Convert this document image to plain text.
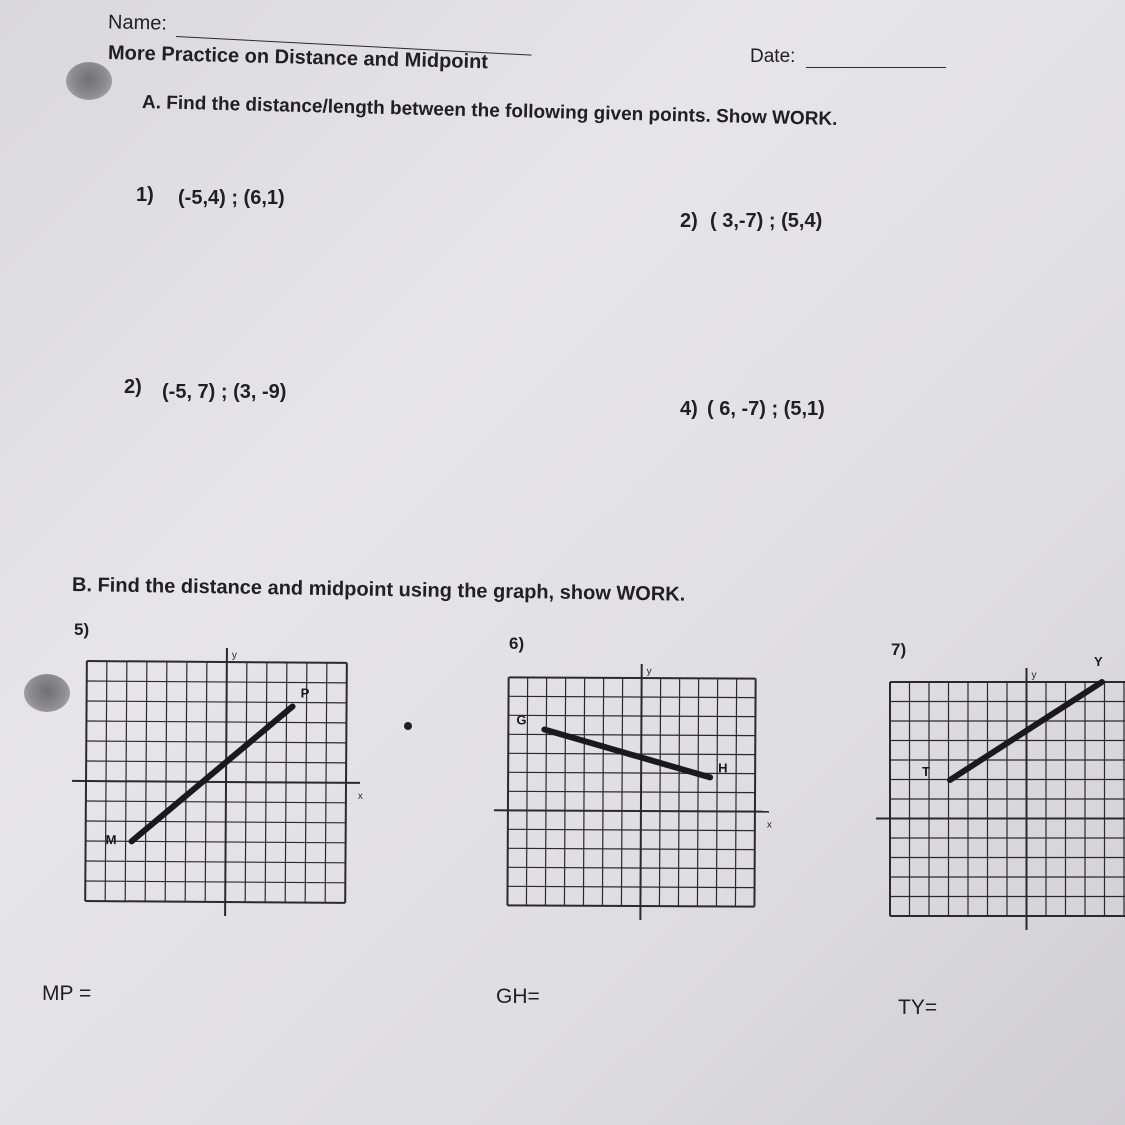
Name:
More Practice on Distance and Midpoint	Date:
A. Find the distance/length between the following given points. Show WORK.
1) (-5,4) ; (6,1)
2) ( 3,-7) ; (5,4)
2) (-5, 7) ; (3, -9)
4) ( 6, -7) ; (5,1)
B. Find the distance and midpoint using the graph, show WORK.
5)
6)	7)
x
y
M
P
x
y
G
H
y
T
Y
MP =	GH=	TY=
